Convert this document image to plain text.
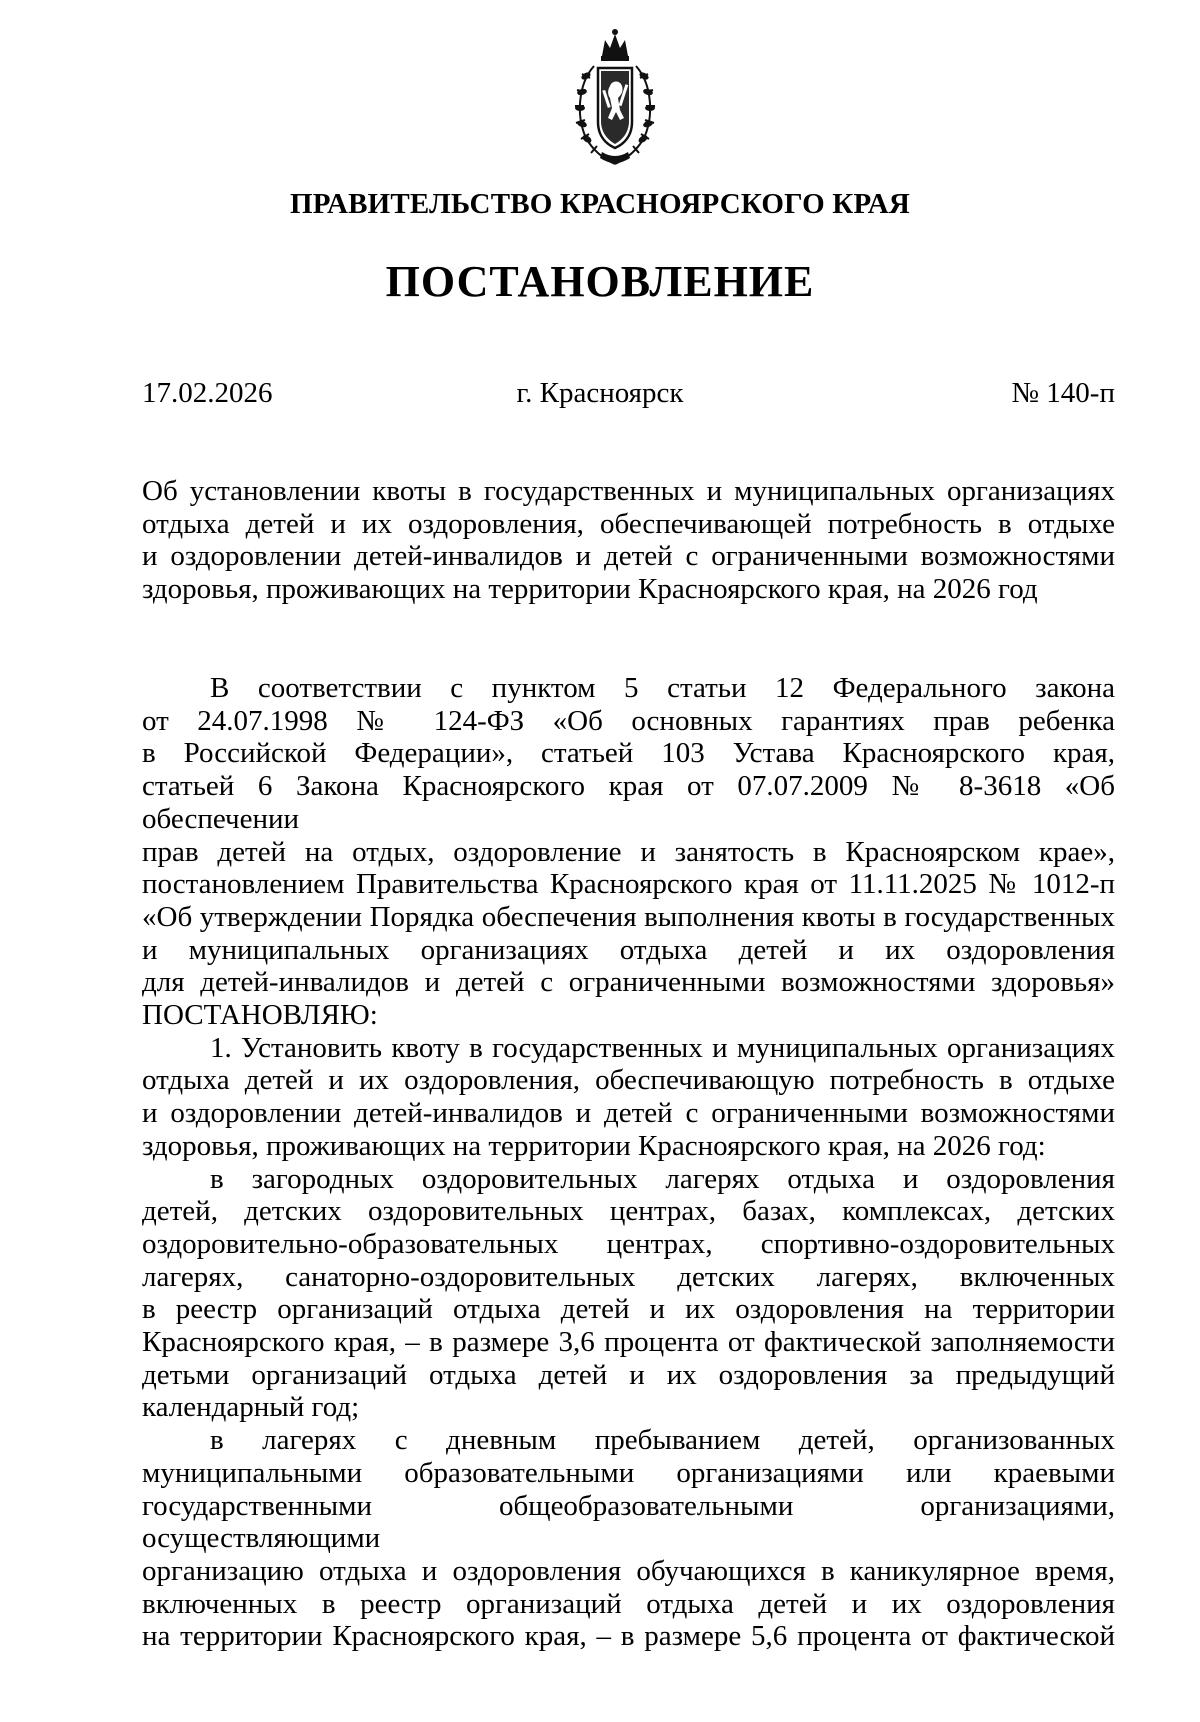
ПРАВИТЕЛЬСТВО КРАСНОЯРСКОГО КРАЯ
ПОСТАНОВЛЕНИЕ
17.02.2026	г. Красноярск	№ 140-п
Об установлении квоты в государственных и муниципальных организациях
отдыха детей и их оздоровления, обеспечивающей потребность в отдыхе
и оздоровлении детей-инвалидов и детей с ограниченными возможностями
здоровья, проживающих на территории Красноярского края, на 2026 год
В соответствии с пунктом 5 статьи 12 Федерального закона
от 24.07.1998 № 124-ФЗ «Об основных гарантиях прав ребенка
в Российской Федерации», статьей 103 Устава Красноярского края,
статьей 6 Закона Красноярского края от 07.07.2009 № 8-3618 «Об обеспечении
прав детей на отдых, оздоровление и занятость в Красноярском крае»,
постановлением Правительства Красноярского края от 11.11.2025 № 1012-п
«Об утверждении Порядка обеспечения выполнения квоты в государственных
и муниципальных организациях отдыха детей и их оздоровления
для детей-инвалидов и детей с ограниченными возможностями здоровья»
ПОСТАНОВЛЯЮ:
1. Установить квоту в государственных и муниципальных организациях
отдыха детей и их оздоровления, обеспечивающую потребность в отдыхе
и оздоровлении детей-инвалидов и детей с ограниченными возможностями
здоровья, проживающих на территории Красноярского края, на 2026 год:
в загородных оздоровительных лагерях отдыха и оздоровления
детей, детских оздоровительных центрах, базах, комплексах, детских
оздоровительно-образовательных центрах, спортивно-оздоровительных
лагерях, санаторно-оздоровительных детских лагерях, включенных
в реестр организаций отдыха детей и их оздоровления на территории
Красноярского края, – в размере 3,6 процента от фактической заполняемости
детьми организаций отдыха детей и их оздоровления за предыдущий
календарный год;
в лагерях с дневным пребыванием детей, организованных
муниципальными образовательными организациями или краевыми
государственными общеобразовательными организациями, осуществляющими
организацию отдыха и оздоровления обучающихся в каникулярное время,
включенных в реестр организаций отдыха детей и их оздоровления
на территории Красноярского края, – в размере 5,6 процента от фактической
